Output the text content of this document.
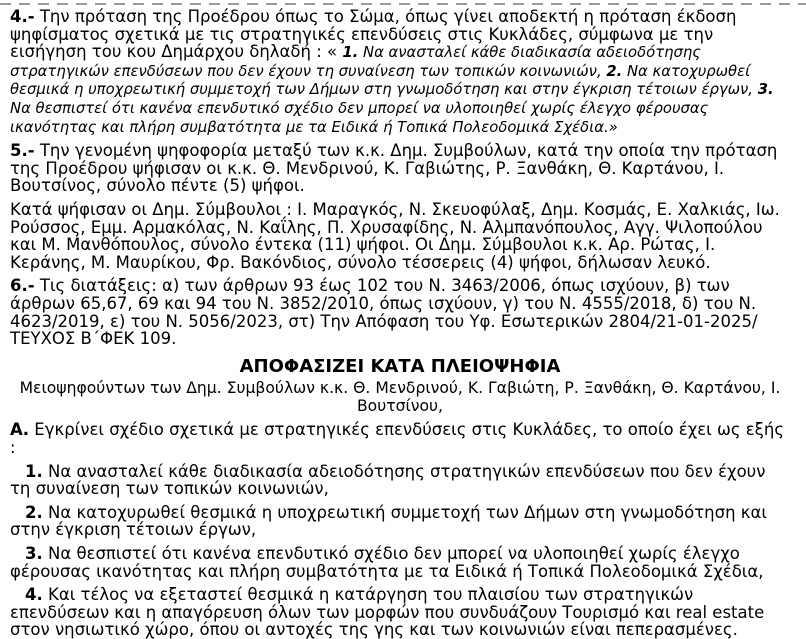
4.- Την πρόταση της Προέδρου όπως το Σώμα, όπως γίνει αποδεκτή η πρόταση έκδοση ψηφίσματος σχετικά με τις στρατηγικές επενδύσεις στις Κυκλάδες, σύμφωνα με την εισήγηση του κου Δημάρχου δηλαδή : « 1. Να ανασταλεί κάθε διαδικασία αδειοδότησης στρατηγικών επενδύσεων που δεν έχουν τη συναίνεση των τοπικών κοινωνιών, 2. Να κατοχυρωθεί θεσμικά η υποχρεωτική συμμετοχή των Δήμων στη γνωμοδότηση και στην έγκριση τέτοιων έργων, 3. Να θεσπιστεί ότι κανένα επενδυτικό σχέδιο δεν μπορεί να υλοποιηθεί χωρίς έλεγχο φέρουσας ικανότητας και πλήρη συμβατότητα με τα Ειδικά ή Τοπικά Πολεοδομικά Σχέδια.»

5.- Την γενομένη ψηφοφορία μεταξύ των κ.κ. Δημ. Συμβούλων, κατά την οποία την πρόταση της Προέδρου ψήφισαν οι κ.κ. Θ. Μενδρινού, Κ. Γαβιώτης, Ρ. Ξανθάκη, Θ. Καρτάνου, Ι. Βουτσίνος, σύνολο πέντε (5) ψήφοι.

Κατά ψήφισαν οι Δημ. Σύμβουλοι : Ι. Μαραγκός, Ν. Σκευοφύλαξ, Δημ. Κοσμάς, Ε. Χαλκιάς, Ιω. Ρούσσος, Εμμ. Αρμακόλας, Ν. Καΐλης, Π. Χρυσαφίδης, Ν. Αλμπανόπουλος, Αγγ. Ψιλοπούλου και Μ. Μανθόπουλος, σύνολο έντεκα (11) ψήφοι. Οι Δημ. Σύμβουλοι κ.κ. Αρ. Ρώτας, Ι. Κεράνης, Μ. Μαυρίκου, Φρ. Βακόνδιος, σύνολο τέσσερεις (4) ψήφοι, δήλωσαν λευκό.

6.- Τις διατάξεις: α) των άρθρων 93 έως 102 του Ν. 3463/2006, όπως ισχύουν, β) των άρθρων 65,67, 69 και 94 του Ν. 3852/2010, όπως ισχύουν, γ) του Ν. 4555/2018, δ) του Ν. 4623/2019, ε) του Ν. 5056/2023, στ) Την Απόφαση του Υφ. Εσωτερικών 2804/21-01-2025/ΤΕΥΧΟΣ Β΄ΦΕΚ 109.

ΑΠΟΦΑΣΙΖΕΙ ΚΑΤΑ ΠΛΕΙΟΨΗΦΙΑ

Μειοψηφούντων των Δημ. Συμβούλων κ.κ. Θ. Μενδρινού, Κ. Γαβιώτη, Ρ. Ξανθάκη, Θ. Καρτάνου, Ι. Βουτσίνου,

Α. Εγκρίνει σχέδιο σχετικά με στρατηγικές επενδύσεις στις Κυκλάδες, το οποίο έχει ως εξής :

1. Να ανασταλεί κάθε διαδικασία αδειοδότησης στρατηγικών επενδύσεων που δεν έχουν τη συναίνεση των τοπικών κοινωνιών,

2. Να κατοχυρωθεί θεσμικά η υποχρεωτική συμμετοχή των Δήμων στη γνωμοδότηση και στην έγκριση τέτοιων έργων,

3. Να θεσπιστεί ότι κανένα επενδυτικό σχέδιο δεν μπορεί να υλοποιηθεί χωρίς έλεγχο φέρουσας ικανότητας και πλήρη συμβατότητα με τα Ειδικά ή Τοπικά Πολεοδομικά Σχέδια,

4. Και τέλος να εξεταστεί θεσμικά η κατάργηση του πλαισίου των στρατηγικών επενδύσεων και η απαγόρευση όλων των μορφών που συνδυάζουν Τουρισμό και real estate στον νησιωτικό χώρο, όπου οι αντοχές της γης και των κοινωνιών είναι πεπερασμένες.
